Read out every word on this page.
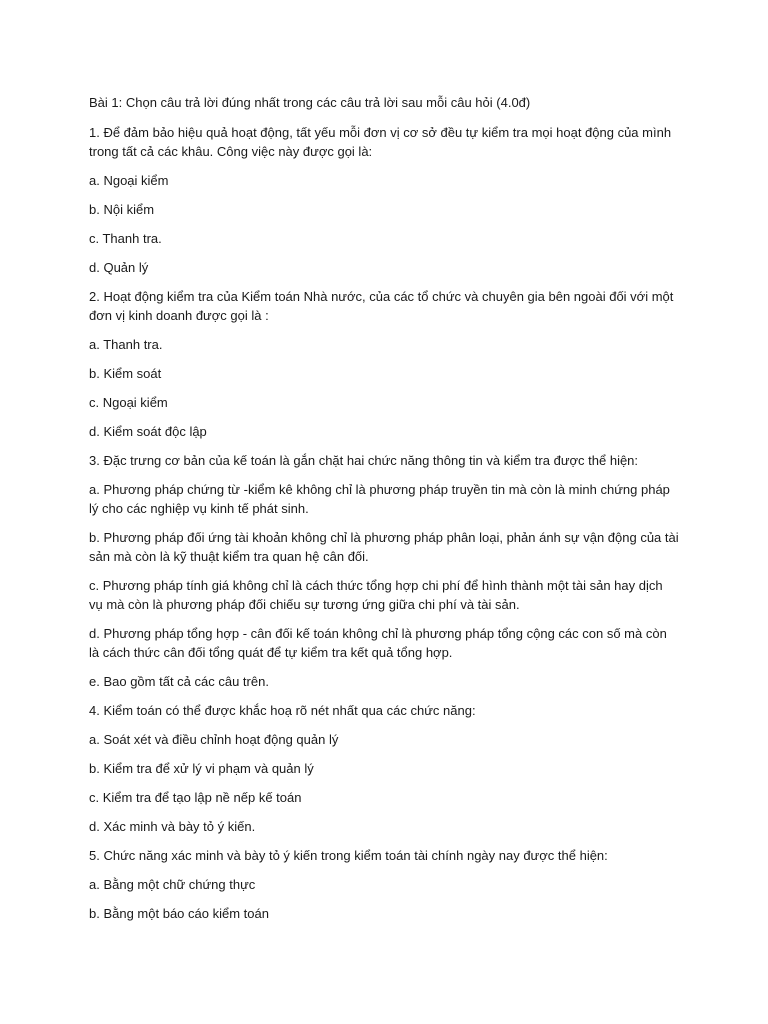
Bài 1: Chọn câu trả lời đúng nhất trong các câu trả lời sau mỗi câu hỏi (4.0đ)

1. Để đảm bảo hiệu quả hoạt động, tất yếu mỗi đơn vị cơ sở đều tự kiểm tra mọi hoạt động của mình trong tất cả các khâu. Công việc này được gọi là:

a. Ngoại kiểm

b. Nội kiểm

c. Thanh tra.

d. Quản lý

2. Hoạt động kiểm tra của Kiểm toán Nhà nước, của các tổ chức và chuyên gia bên ngoài đối với một đơn vị kinh doanh được gọi là :

a. Thanh tra.

b. Kiểm soát

c. Ngoại kiểm

d. Kiểm soát độc lập

3. Đặc trưng cơ bản của kế toán là gắn chặt hai chức năng thông tin và kiểm tra được thể hiện:

a. Phương pháp chứng từ -kiểm kê không chỉ là phương pháp truyền tin mà còn là minh chứng pháp lý cho các nghiệp vụ kinh tế phát sinh.

b. Phương pháp đối ứng tài khoản không chỉ là phương pháp phân loại, phản ánh sự vận động của tài sản mà còn là kỹ thuật kiểm tra quan hệ cân đối.

c. Phương pháp tính giá không chỉ là cách thức tổng hợp chi phí để hình thành một tài sản hay dịch vụ mà còn là phương pháp đối chiếu sự tương ứng giữa chi phí và tài sản.

d. Phương pháp tổng hợp - cân đối kế toán không chỉ là phương pháp tổng cộng các con số mà còn là cách thức cân đối tổng quát để tự kiểm tra kết quả tổng hợp.

e. Bao gồm tất cả các câu trên.

4. Kiểm toán có thể được khắc hoạ rõ nét nhất qua các chức năng:

a. Soát xét và điều chỉnh hoạt động quản lý

b. Kiểm tra để xử lý vi phạm và quản lý

c. Kiểm tra để tạo lập nề nếp kế toán

d. Xác minh và bày tỏ ý kiến.

5. Chức năng xác minh và bày tỏ ý kiến trong kiểm toán tài chính ngày nay được thể hiện:

a. Bằng một chữ chứng thực

b. Bằng một báo cáo kiểm toán
